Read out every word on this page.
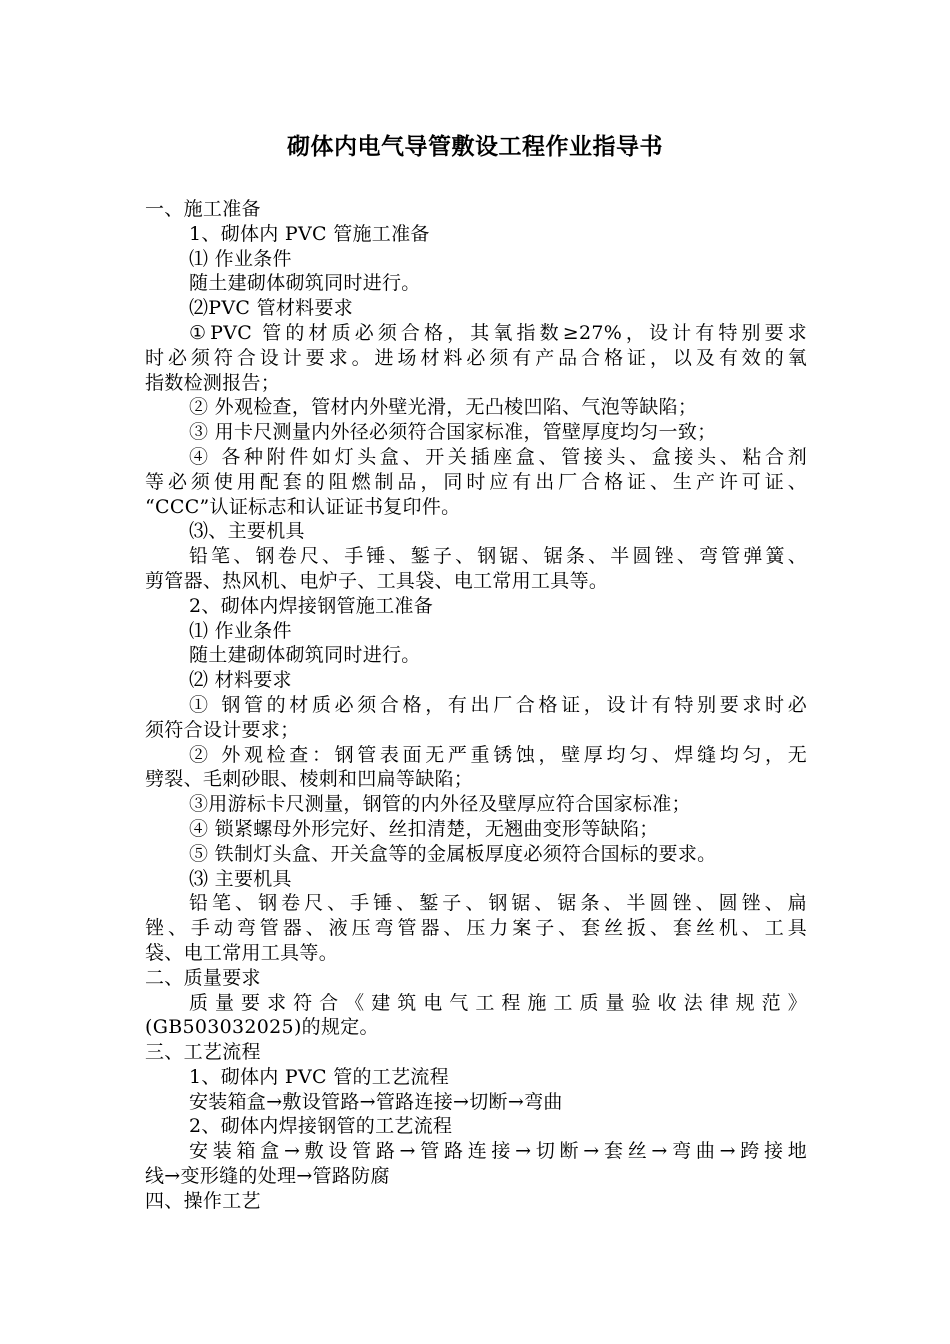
砌体内电气导管敷设工程作业指导书
一、施工准备
1、砌体内 PVC 管施工准备
⑴ 作业条件
随土建砌体砌筑同时进行。
⑵PVC 管材料要求
①PVC 管的材质必须合格，其氧指数≥27%，设计有特别要求
时必须符合设计要求。进场材料必须有产品合格证，以及有效的氧
指数检测报告；
② 外观检查，管材内外壁光滑，无凸棱凹陷、气泡等缺陷；
③ 用卡尺测量内外径必须符合国家标准，管壁厚度均匀一致；
④ 各种附件如灯头盒、开关插座盒、管接头、盒接头、粘合剂
等必须使用配套的阻燃制品，同时应有出厂合格证、生产许可证、
“CCC”认证标志和认证证书复印件。
⑶、主要机具
铅笔、钢卷尺、手锤、錾子、钢锯、锯条、半圆锉、弯管弹簧、
剪管器、热风机、电炉子、工具袋、电工常用工具等。
2、砌体内焊接钢管施工准备
⑴ 作业条件
随土建砌体砌筑同时进行。
⑵ 材料要求
① 钢管的材质必须合格，有出厂合格证，设计有特别要求时必
须符合设计要求；
② 外观检查：钢管表面无严重锈蚀，壁厚均匀、焊缝均匀，无
劈裂、毛刺砂眼、棱刺和凹扁等缺陷；
③用游标卡尺测量，钢管的内外径及壁厚应符合国家标准；
④ 锁紧螺母外形完好、丝扣清楚，无翘曲变形等缺陷；
⑤ 铁制灯头盒、开关盒等的金属板厚度必须符合国标的要求。
⑶ 主要机具
铅笔、钢卷尺、手锤、錾子、钢锯、锯条、半圆锉、圆锉、扁
锉、手动弯管器、液压弯管器、压力案子、套丝扳、套丝机、工具
袋、电工常用工具等。
二、质量要求
质量要求符合《建筑电气工程施工质量验收法律规范》
(GB503032025)的规定。
三、工艺流程
1、砌体内 PVC 管的工艺流程
安装箱盒→敷设管路→管路连接→切断→弯曲
2、砌体内焊接钢管的工艺流程
安装箱盒→敷设管路→管路连接→切断→套丝→弯曲→跨接地
线→变形缝的处理→管路防腐
四、操作工艺
